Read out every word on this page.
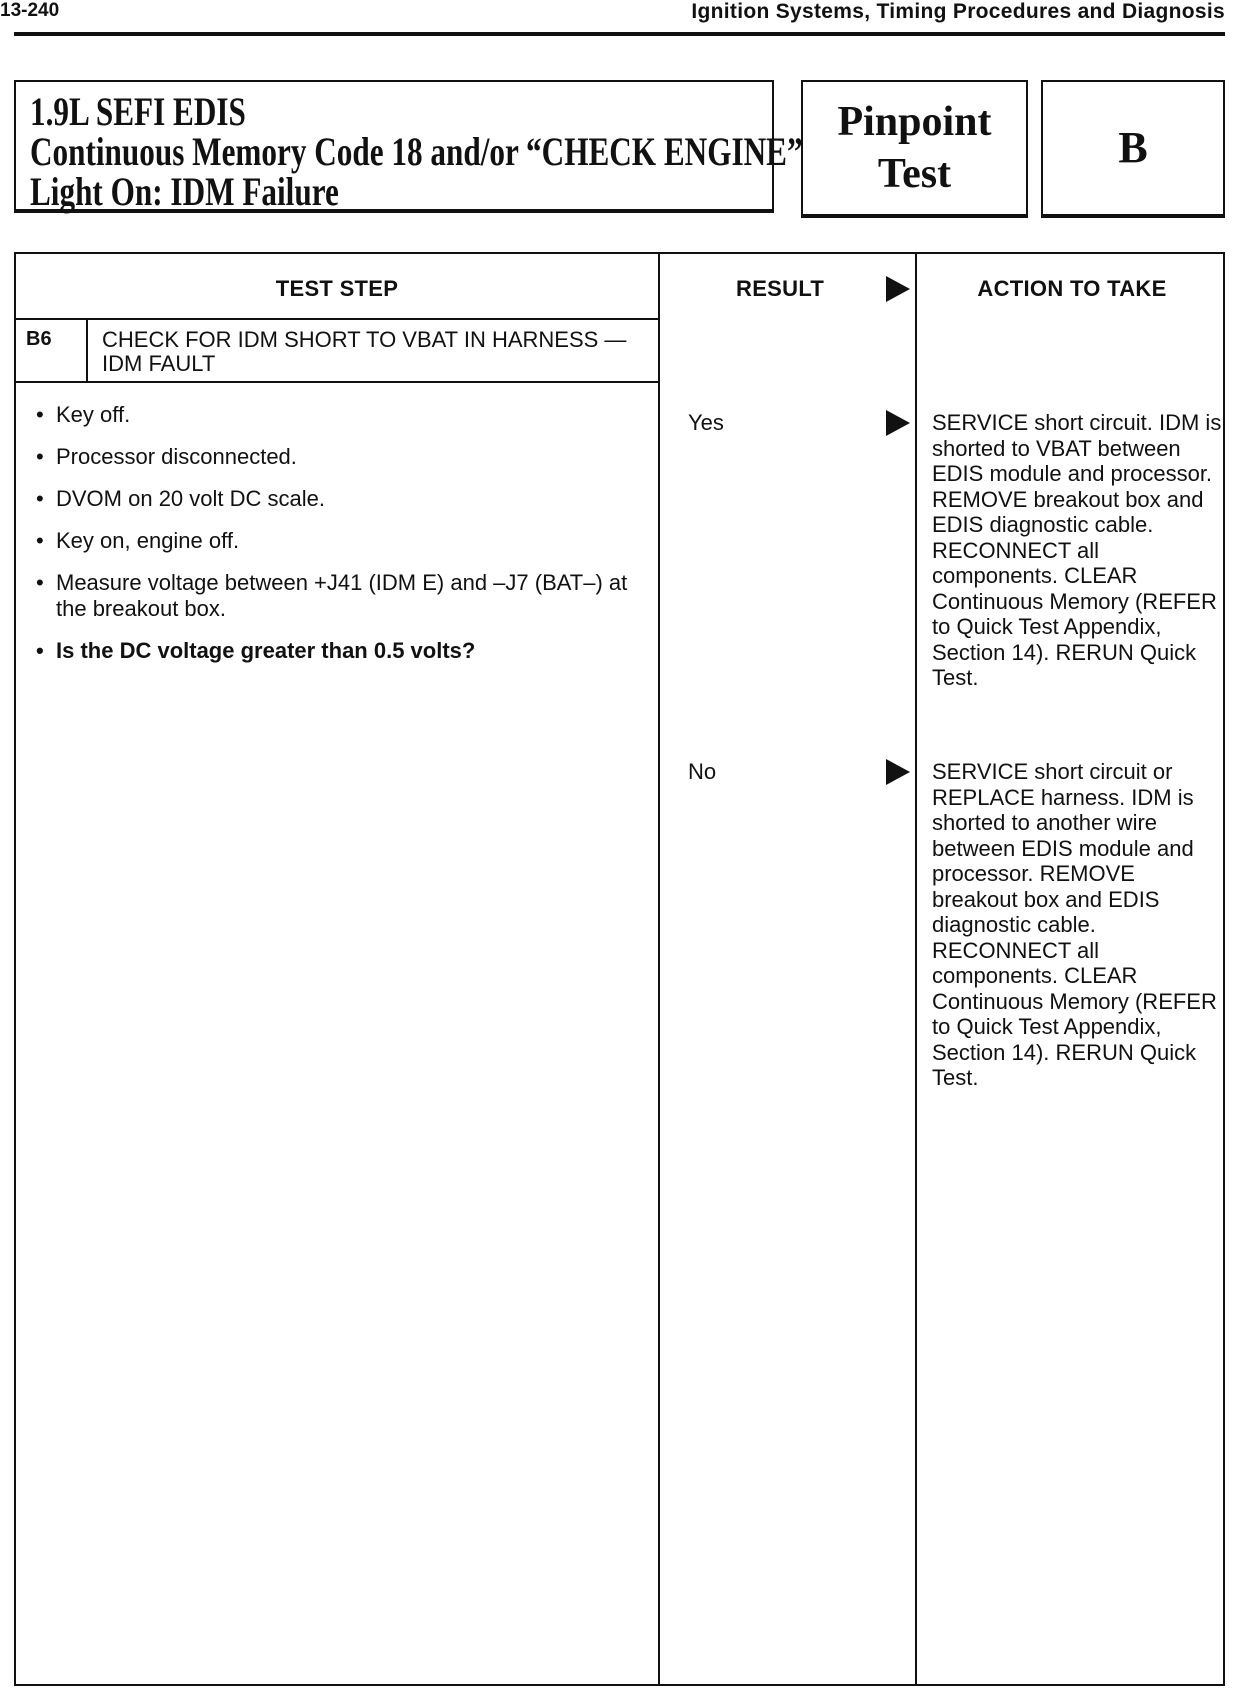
13-240	Ignition Systems, Timing Procedures and Diagnosis
1.9L SEFI EDIS
Continuous Memory Code 18 and/or “CHECK ENGINE”
Light On: IDM Failure
Pinpoint
Test
B
TEST STEP	RESULT	ACTION TO TAKE
B6 CHECK FOR IDM SHORT TO VBAT IN HARNESS — IDM FAULT
• Key off.
• Processor disconnected.
• DVOM on 20 volt DC scale.
• Key on, engine off.
• Measure voltage between +J41 (IDM E) and –J7 (BAT–) at the breakout box.
• Is the DC voltage greater than 0.5 volts?
Yes	SERVICE short circuit. IDM is shorted to VBAT between EDIS module and processor. REMOVE breakout box and EDIS diagnostic cable. RECONNECT all components. CLEAR Continuous Memory (REFER to Quick Test Appendix, Section 14). RERUN Quick Test.
No	SERVICE short circuit or REPLACE harness. IDM is shorted to another wire between EDIS module and processor. REMOVE breakout box and EDIS diagnostic cable. RECONNECT all components. CLEAR Continuous Memory (REFER to Quick Test Appendix, Section 14). RERUN Quick Test.
